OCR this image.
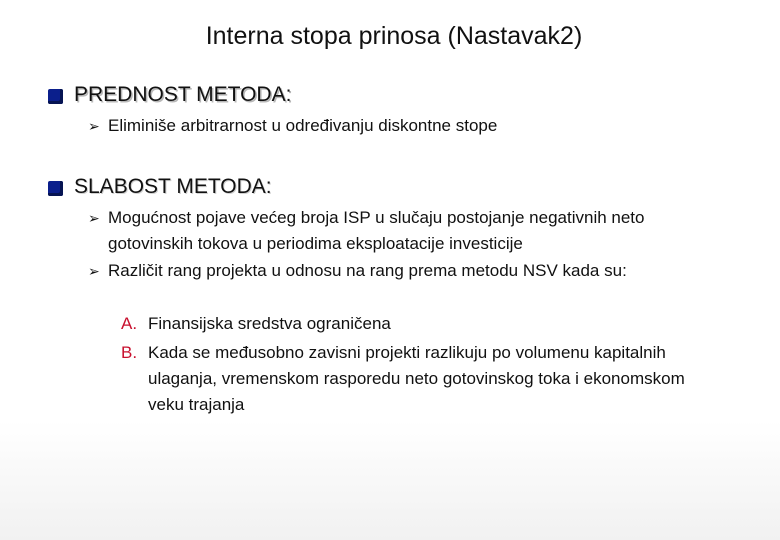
Interna stopa prinosa (Nastavak2)
PREDNOST METODA:
➢ Eliminiše arbitrarnost u određivanju diskontne stope
SLABOST METODA:
➢ Mogućnost pojave većeg broja ISP u slučaju postojanje negativnih neto gotovinskih tokova u periodima eksploatacije investicije
➢ Različit rang projekta u odnosu na rang prema metodu NSV kada su:
A. Finansijska sredstva ograničena
B. Kada se međusobno zavisni projekti razlikuju po volumenu kapitalnih ulaganja, vremenskom rasporedu neto gotovinskog toka i ekonomskom veku trajanja
